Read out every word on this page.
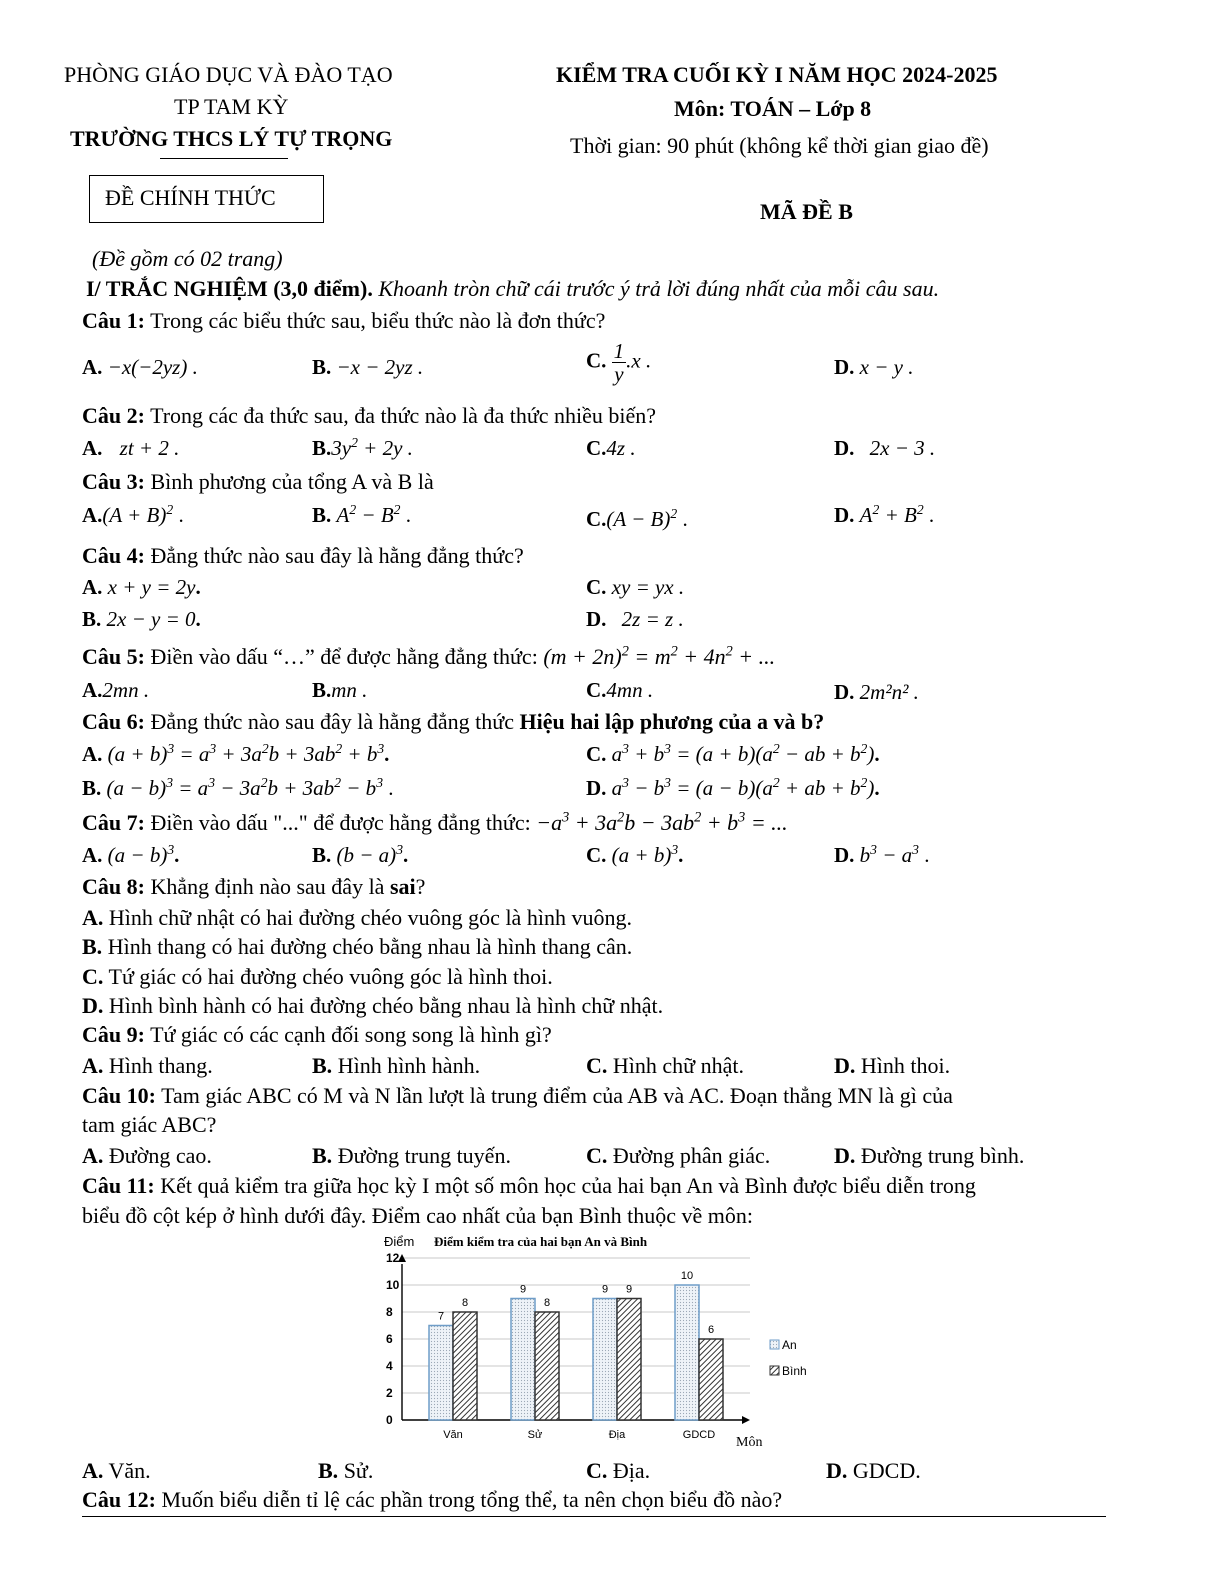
PHÒNG GIÁO DỤC VÀ ĐÀO TẠO
TP TAM KỲ
TRƯỜNG THCS LÝ TỰ TRỌNG
KIỂM TRA CUỐI KỲ I NĂM HỌC 2024-2025
Môn: TOÁN – Lớp 8
Thời gian: 90 phút (không kể thời gian giao đề)
ĐỀ CHÍNH THỨC
MÃ ĐỀ B
(Đề gồm có 02 trang)
I/ TRẮC NGHIỆM (3,0 điểm). Khoanh tròn chữ cái trước ý trả lời đúng nhất của mỗi câu sau.
Câu 1: Trong các biểu thức sau, biểu thức nào là đơn thức?
A. −x(−2yz) .	B. −x − 2yz .	C. $\frac{1}{y} .x$ .	D. x − y .
Câu 2: Trong các đa thức sau, đa thức nào là đa thức nhiều biến?
A. zt + 2 .	$B.3y^2 + 2y$ .	C.4z .	D. 2x − 3 .
Câu 3: Bình phương của tổng A và B là
$A.(A + B)^2$ .	B. $A^2 - B^2$ .	$C.(A - B)^2$ .	D. $A^2 + B^2$ .
Câu 4: Đẳng thức nào sau đây là hằng đẳng thức?
A. x + y = 2y.	C. xy = yx .
B. 2x − y = 0.	D. 2z = z .
Câu 5: Điền vào dấu “…” để được hằng đẳng thức: $(m + 2n)^2 = m^2 + 4n^2$ + ...
A.2mn .	B.mn .	C.4mn .	D. 2m²n² .
Câu 6: Đẳng thức nào sau đây là hằng đẳng thức Hiệu hai lập phương của a và b?
A. $(a + b)^3 = a^3 + 3a^2b + 3ab^2 + b^3$.	C. $a^3 + b^3 = (a + b)(a^2$ − ab + $b^2$).
B. $(a - b)^3 = a^3 - 3a^2b + 3ab^2 - b^3$ .	D. $a^3 - b^3 = (a - b)(a^2$ + ab + $b^2$).
Câu 7: Điền vào dấu "..." để được hằng đẳng thức: $-a^3 + 3a^2b - 3ab^2 + b^3$ = ...
A. $(a - b)^3$.	B. $(b - a)^3$.	C. $(a + b)^3$.	D. $b^3 - a^3$ .
Câu 8: Khẳng định nào sau đây là sai?
A. Hình chữ nhật có hai đường chéo vuông góc là hình vuông.
B. Hình thang có hai đường chéo bằng nhau là hình thang cân.
C. Tứ giác có hai đường chéo vuông góc là hình thoi.
D. Hình bình hành có hai đường chéo bằng nhau là hình chữ nhật.
Câu 9: Tứ giác có các cạnh đối song song là hình gì?
A. Hình thang.	B. Hình hình hành.	C. Hình chữ nhật.	D. Hình thoi.
Câu 10: Tam giác ABC có M và N lần lượt là trung điểm của AB và AC. Đoạn thẳng MN là gì của
tam giác ABC?
A. Đường cao.	B. Đường trung tuyến.	C. Đường phân giác.	D. Đường trung bình.
Câu 11: Kết quả kiểm tra giữa học kỳ I một số môn học của hai bạn An và Bình được biểu diễn trong
biểu đồ cột kép ở hình dưới đây. Điểm cao nhất của bạn Bình thuộc về môn:
Điểm Điểm kiểm tra của hai bạn An và Bình
0
2
4
6
8
10
12
7
8
Văn
9
8
Sử
9 9
Địa
10
6
GDCD Môn
An
Bình
A. Văn.	B. Sử.	C. Địa.	D. GDCD.
Câu 12: Muốn biểu diễn tỉ lệ các phần trong tổng thể, ta nên chọn biểu đồ nào?
